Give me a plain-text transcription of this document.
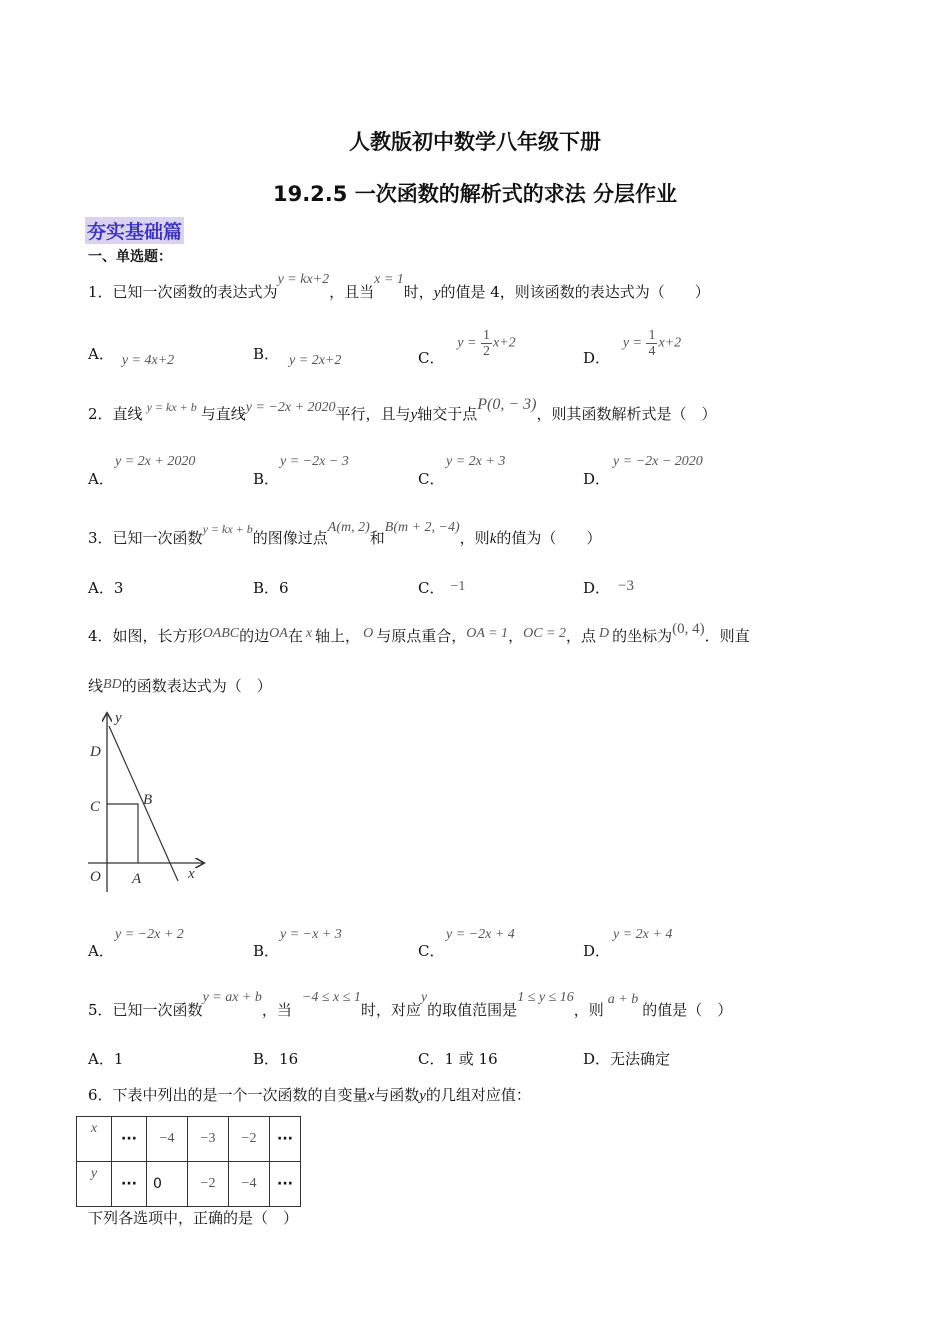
人教版初中数学八年级下册
19.2.5 一次函数的解析式的求法 分层作业
夯实基础篇
一、单选题：
1．已知一次函数的表达式为y = kx+2，且当x = 1时，y的值是 4，则该函数的表达式为（　　）
A． y = 4x+2	B． y = 2x+2	C． $y = \frac{1}{2} x+2$
D． $y = \frac{1}{4} x+2$
2．直线 $^{y = kx + b}$ 与直线y = −2x + 2020平行，且与y轴交于点P(0, − 3)，则其函数解析式是（　）
y = 2x + 2020
A．
y = −2x − 3
B．
y = 2x + 3
C．
y = −2x − 2020
D．
3．已知一次函数$^{y = kx + b}$的图像过点A(m, 2)和B(m + 2, −4)，则k的值为（　　）
A．3	B．6	C． −1	D． −3
4．如图，长方形OABC的边OA在 x 轴上， O 与原点重合，OA = 1，OC = 2，点 D 的坐标为(0, 4)．则直
线BD的函数表达式为（　）
y
D
C	B
O A	x
y = −2x + 2
A．
y = −x + 3
B．
y = −2x + 4
C．
y = 2x + 4
D．
5．已知一次函数y = ax + b，当−4 ≤ x ≤ 1时，对应y的取值范围是1 ≤ y ≤ 16，则a + b的值是（　）
A．1	B．16	C．1 或 16	D．无法确定
6．下表中列出的是一个一次函数的自变量x与函数y的几组对应值：
x	···	−4	−3	−2	···
y	···	0	−2	−4	···
下列各选项中，正确的是（　）
